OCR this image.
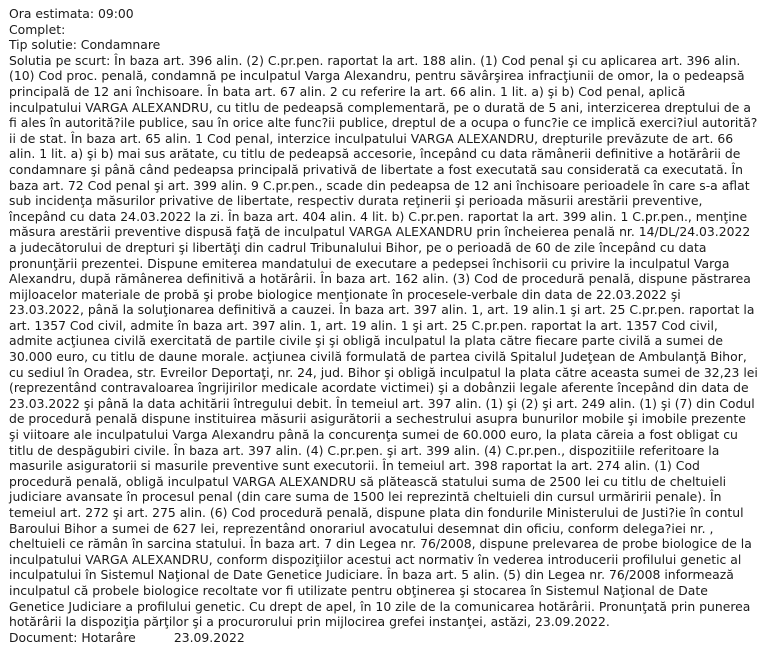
Ora estimata: 09:00
Complet:
Tip solutie: Condamnare
Solutia pe scurt: În baza art. 396 alin. (2) C.pr.pen. raportat la art. 188 alin. (1) Cod penal şi cu aplicarea art. 396 alin. (10) Cod proc. penală, condamnă pe inculpatul Varga Alexandru, pentru săvârşirea infracţiunii de omor, la o pedeapsă principală de 12 ani închisoare. În bata art. 67 alin. 2 cu referire la art. 66 alin. 1 lit. a) şi b) Cod penal, aplică inculpatului VARGA ALEXANDRU, cu titlu de pedeapsă complementară, pe o durată de 5 ani, interzicerea dreptului de a fi ales în autorită?ile publice, sau în orice alte func?ii publice, dreptul de a ocupa o func?ie ce implică exerci?iul autorită?ii de stat. În baza art. 65 alin. 1 Cod penal, interzice inculpatului VARGA ALEXANDRU, drepturile prevăzute de art. 66 alin. 1 lit. a) şi b) mai sus arătate, cu titlu de pedeapsă accesorie, începând cu data rămânerii definitive a hotărârii de condamnare şi până când pedeapsa principală privativă de libertate a fost executată sau considerată ca executată. În baza art. 72 Cod penal şi art. 399 alin. 9 C.pr.pen., scade din pedeapsa de 12 ani închisoare perioadele în care s-a aflat sub incidenţa măsurilor privative de libertate, respectiv durata reţinerii şi perioada măsurii arestării preventive, începând cu data 24.03.2022 la zi. În baza art. 404 alin. 4 lit. b) C.pr.pen. raportat la art. 399 alin. 1 C.pr.pen., menţine măsura arestării preventive dispusă faţă de inculpatul VARGA ALEXANDRU prin încheierea penală nr. 14/DL/24.03.2022 a judecătorului de drepturi şi libertăţi din cadrul Tribunalului Bihor, pe o perioadă de 60 de zile începând cu data pronunţării prezentei. Dispune emiterea mandatului de executare a pedepsei închisorii cu privire la inculpatul Varga Alexandru, după rămânerea definitivă a hotărârii. În baza art. 162 alin. (3) Cod de procedură penală, dispune păstrarea mijloacelor materiale de probă şi probe biologice menţionate în procesele-verbale din data de 22.03.2022 şi 23.03.2022, până la soluţionarea definitivă a cauzei. În baza art. 397 alin. 1, art. 19 alin.1 şi art. 25 C.pr.pen. raportat la art. 1357 Cod civil, admite în baza art. 397 alin. 1, art. 19 alin. 1 şi art. 25 C.pr.pen. raportat la art. 1357 Cod civil, admite acţiunea civilă exercitată de partile civile şi şi obligă inculpatul la plata către fiecare parte civilă a sumei de 30.000 euro, cu titlu de daune morale. acţiunea civilă formulată de partea civilă Spitalul Judeţean de Ambulanţă Bihor, cu sediul în Oradea, str. Evreilor Deportaţi, nr. 24, jud. Bihor şi obligă inculpatul la plata către aceasta sumei de 32,23 lei (reprezentând contravaloarea îngrijirilor medicale acordate victimei) şi a dobânzii legale aferente începând din data de 23.03.2022 şi până la data achitării întregului debit. În temeiul art. 397 alin. (1) şi (2) şi art. 249 alin. (1) şi (7) din Codul de procedură penală dispune instituirea măsurii asigurătorii a sechestrului asupra bunurilor mobile şi imobile prezente şi viitoare ale inculpatului Varga Alexandru până la concurenţa sumei de 60.000 euro, la plata căreia a fost obligat cu titlu de despăgubiri civile. În baza art. 397 alin. (4) C.pr.pen. şi art. 399 alin. (4) C.pr.pen., dispozitiile referitoare la masurile asiguratorii si masurile preventive sunt executorii. În temeiul art. 398 raportat la art. 274 alin. (1) Cod procedură penală, obligă inculpatul VARGA ALEXANDRU să plătească statului suma de 2500 lei cu titlu de cheltuieli judiciare avansate în procesul penal (din care suma de 1500 lei reprezintă cheltuieli din cursul urmăririi penale). În temeiul art. 272 şi art. 275 alin. (6) Cod procedură penală, dispune plata din fondurile Ministerului de Justi?ie în contul Baroului Bihor a sumei de 627 lei, reprezentând onorariul avocatului desemnat din oficiu, conform delega?iei nr. , cheltuieli ce rămân în sarcina statului. În baza art. 7 din Legea nr. 76/2008, dispune prelevarea de probe biologice de la inculpatului VARGA ALEXANDRU, conform dispoziţiilor acestui act normativ în vederea introducerii profilului genetic al inculpatului în Sistemul Naţional de Date Genetice Judiciare. În baza art. 5 alin. (5) din Legea nr. 76/2008 informează inculpatul că probele biologice recoltate vor fi utilizate pentru obţinerea şi stocarea în Sistemul Naţional de Date Genetice Judiciare a profilului genetic. Cu drept de apel, în 10 zile de la comunicarea hotărârii. Pronunţată prin punerea hotărârii la dispoziţia părţilor şi a procurorului prin mijlocirea grefei instanţei, astăzi, 23.09.2022.
Document: Hotarâre	23.09.2022
